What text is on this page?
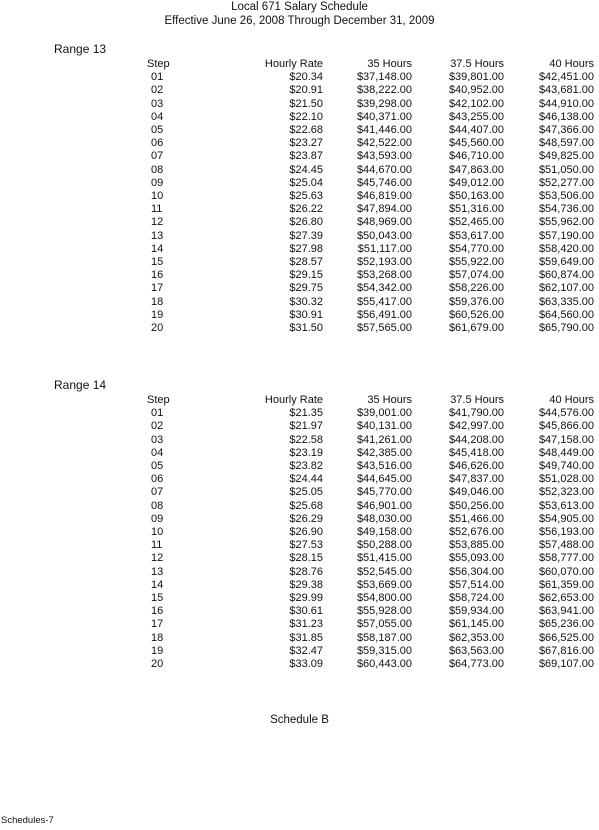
Local 671 Salary Schedule
Effective June 26, 2008 Through December 31, 2009
Range 13
Step	Hourly Rate	35 Hours	37.5 Hours	40 Hours
01	$20.34	$37,148.00	$39,801.00	$42,451.00
02	$20.91	$38,222.00	$40,952.00	$43,681.00
03	$21.50	$39,298.00	$42,102.00	$44,910.00
04	$22.10	$40,371.00	$43,255.00	$46,138.00
05	$22.68	$41,446.00	$44,407.00	$47,366.00
06	$23.27	$42,522.00	$45,560.00	$48,597.00
07	$23.87	$43,593.00	$46,710.00	$49,825.00
08	$24.45	$44,670.00	$47,863.00	$51,050.00
09	$25.04	$45,746.00	$49,012.00	$52,277.00
10	$25.63	$46,819.00	$50,163.00	$53,506.00
11	$26.22	$47,894.00	$51,316.00	$54,736.00
12	$26.80	$48,969.00	$52,465.00	$55,962.00
13	$27.39	$50,043.00	$53,617.00	$57,190.00
14	$27.98	$51,117.00	$54,770.00	$58,420.00
15	$28.57	$52,193.00	$55,922.00	$59,649.00
16	$29.15	$53,268.00	$57,074.00	$60,874.00
17	$29.75	$54,342.00	$58,226.00	$62,107.00
18	$30.32	$55,417.00	$59,376.00	$63,335.00
19	$30.91	$56,491.00	$60,526.00	$64,560.00
20	$31.50	$57,565.00	$61,679.00	$65,790.00
Range 14
Step	Hourly Rate	35 Hours	37.5 Hours	40 Hours
01	$21.35	$39,001.00	$41,790.00	$44,576.00
02	$21.97	$40,131.00	$42,997.00	$45,866.00
03	$22.58	$41,261.00	$44,208.00	$47,158.00
04	$23.19	$42,385.00	$45,418.00	$48,449.00
05	$23.82	$43,516.00	$46,626.00	$49,740.00
06	$24.44	$44,645.00	$47,837.00	$51,028.00
07	$25.05	$45,770.00	$49,046.00	$52,323.00
08	$25.68	$46,901.00	$50,256.00	$53,613.00
09	$26.29	$48,030.00	$51,466.00	$54,905.00
10	$26.90	$49,158.00	$52,676.00	$56,193.00
11	$27.53	$50,288.00	$53,885.00	$57,488.00
12	$28.15	$51,415.00	$55,093.00	$58,777.00
13	$28.76	$52,545.00	$56,304.00	$60,070.00
14	$29.38	$53,669.00	$57,514.00	$61,359.00
15	$29.99	$54,800.00	$58,724.00	$62,653.00
16	$30.61	$55,928.00	$59,934.00	$63,941.00
17	$31.23	$57,055.00	$61,145.00	$65,236.00
18	$31.85	$58,187.00	$62,353.00	$66,525.00
19	$32.47	$59,315.00	$63,563.00	$67,816.00
20	$33.09	$60,443.00	$64,773.00	$69,107.00
Schedule B
Schedules-7
